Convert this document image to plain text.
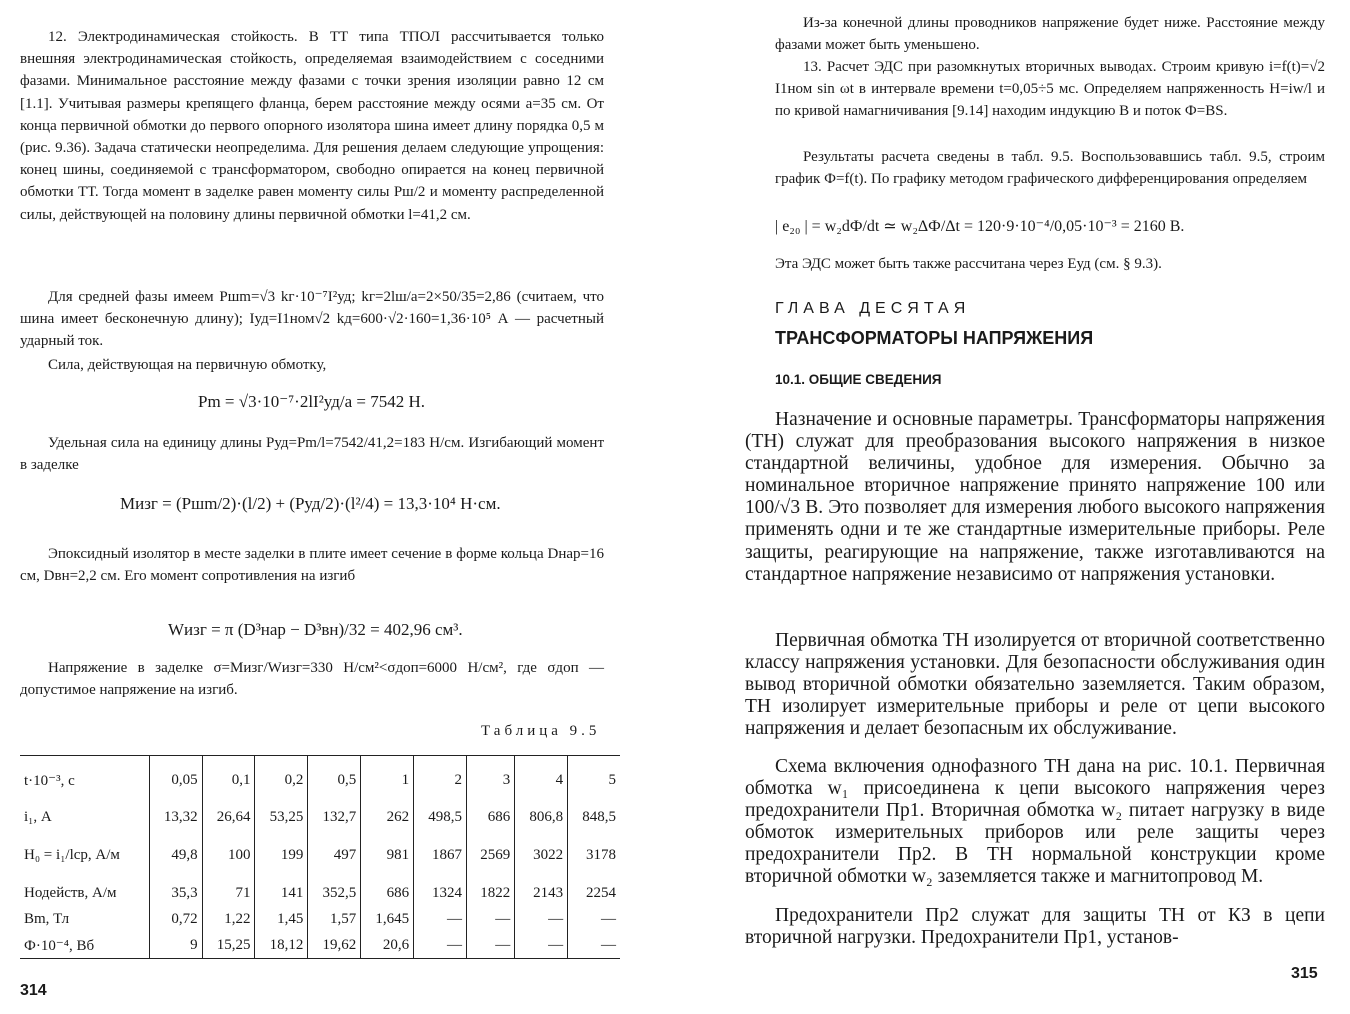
12. Электродинамическая стойкость. В ТТ типа ТПОЛ рассчитывается только внешняя электродинамическая стойкость, определяемая взаимодействием с соседними фазами. Минимальное расстояние между фазами с точки зрения изоляции равно 12 см [1.1]. Учитывая размеры крепящего фланца, берем расстояние между осями a=35 см. От конца первичной обмотки до первого опорного изолятора шина имеет длину порядка 0,5 м (рис. 9.36). Задача статически неопределима. Для решения делаем следующие упрощения: конец шины, соединяемой с трансформатором, свободно опирается на конец первичной обмотки ТТ. Тогда момент в заделке равен моменту силы Pш/2 и моменту распределенной силы, действующей на половину длины первичной обмотки l=41,2 см.

Для средней фазы имеем Pшm=√3 kг·10⁻⁷I²уд; kг=2lш/a=2×50/35=2,86 (считаем, что шина имеет бесконечную длину); Iуд=I1ном√2 kд=600·√2·160=1,36·10⁵ А — расчетный ударный ток.

Сила, действующая на первичную обмотку,

Pm = √3·10⁻⁷·2lI²уд/a = 7542 Н.

Удельная сила на единицу длины Pуд=Pm/l=7542/41,2=183 Н/см. Изгибающий момент в заделке

Mизг = (Pшm/2)·(l/2) + (Pуд/2)·(l²/4) = 13,3·10⁴ Н·см.

Эпоксидный изолятор в месте заделки в плите имеет сечение в форме кольца Dнар=16 см, Dвн=2,2 см. Его момент сопротивления на изгиб

Wизг = π (D³нар − D³вн)/32 = 402,96 см³.

Напряжение в заделке σ=Mизг/Wизг=330 Н/см²<σдоп=6000 Н/см², где σдоп — допустимое напряжение на изгиб.

Таблица 9.5
t·10⁻³, с	0,05	0,1	0,2	0,5	1	2	3	4	5
i₁, А	13,32	26,64	53,25	132,7	262	498,5	686	806,8	848,5
H₀ = i₁/lср, А/м	49,8	100	199	497	981	1867	2569	3022	3178
Hодейств, А/м	35,3	71	141	352,5	686	1324	1822	2143	2254
Bm, Тл	0,72	1,22	1,45	1,57	1,645	—	—	—	—
Ф·10⁻⁴, Вб	9	15,25	18,12	19,62	20,6	—	—	—	—
314

Из-за конечной длины проводников напряжение будет ниже. Расстояние между фазами может быть уменьшено.

13. Расчет ЭДС при разомкнутых вторичных выводах. Строим кривую i=f(t)=√2 I1ном sin ωt в интервале времени t=0,05÷5 мс. Определяем напряженность H=iw/l и по кривой намагничивания [9.14] находим индукцию B и поток Ф=BS.

Результаты расчета сведены в табл. 9.5. Воспользовавшись табл. 9.5, строим график Ф=f(t). По графику методом графического дифференцирования определяем

| e₂₀ | = w₂dФ/dt ≃ w₂ΔФ/Δt = 120·9·10⁻⁴/0,05·10⁻³ = 2160 В.

Эта ЭДС может быть также рассчитана через Eуд (см. § 9.3).

ГЛАВА ДЕСЯТАЯ
ТРАНСФОРМАТОРЫ НАПРЯЖЕНИЯ
10.1. ОБЩИЕ СВЕДЕНИЯ

Назначение и основные параметры. Трансформаторы напряжения (ТН) служат для преобразования высокого напряжения в низкое стандартной величины, удобное для измерения. Обычно за номинальное вторичное напряжение принято напряжение 100 или 100/√3 В. Это позволяет для измерения любого высокого напряжения применять одни и те же стандартные измерительные приборы. Реле защиты, реагирующие на напряжение, также изготавливаются на стандартное напряжение независимо от напряжения установки.

Первичная обмотка ТН изолируется от вторичной соответственно классу напряжения установки. Для безопасности обслуживания один вывод вторичной обмотки обязательно заземляется. Таким образом, ТН изолирует измерительные приборы и реле от цепи высокого напряжения и делает безопасным их обслуживание.

Схема включения однофазного ТН дана на рис. 10.1. Первичная обмотка w₁ присоединена к цепи высокого напряжения через предохранители Пр1. Вторичная обмотка w₂ питает нагрузку в виде обмоток измерительных приборов или реле защиты через предохранители Пр2. В ТН нормальной конструкции кроме вторичной обмотки w₂ заземляется также и магнитопровод М.

Предохранители Пр2 служат для защиты ТН от КЗ в цепи вторичной нагрузки. Предохранители Пр1, установ-

315
